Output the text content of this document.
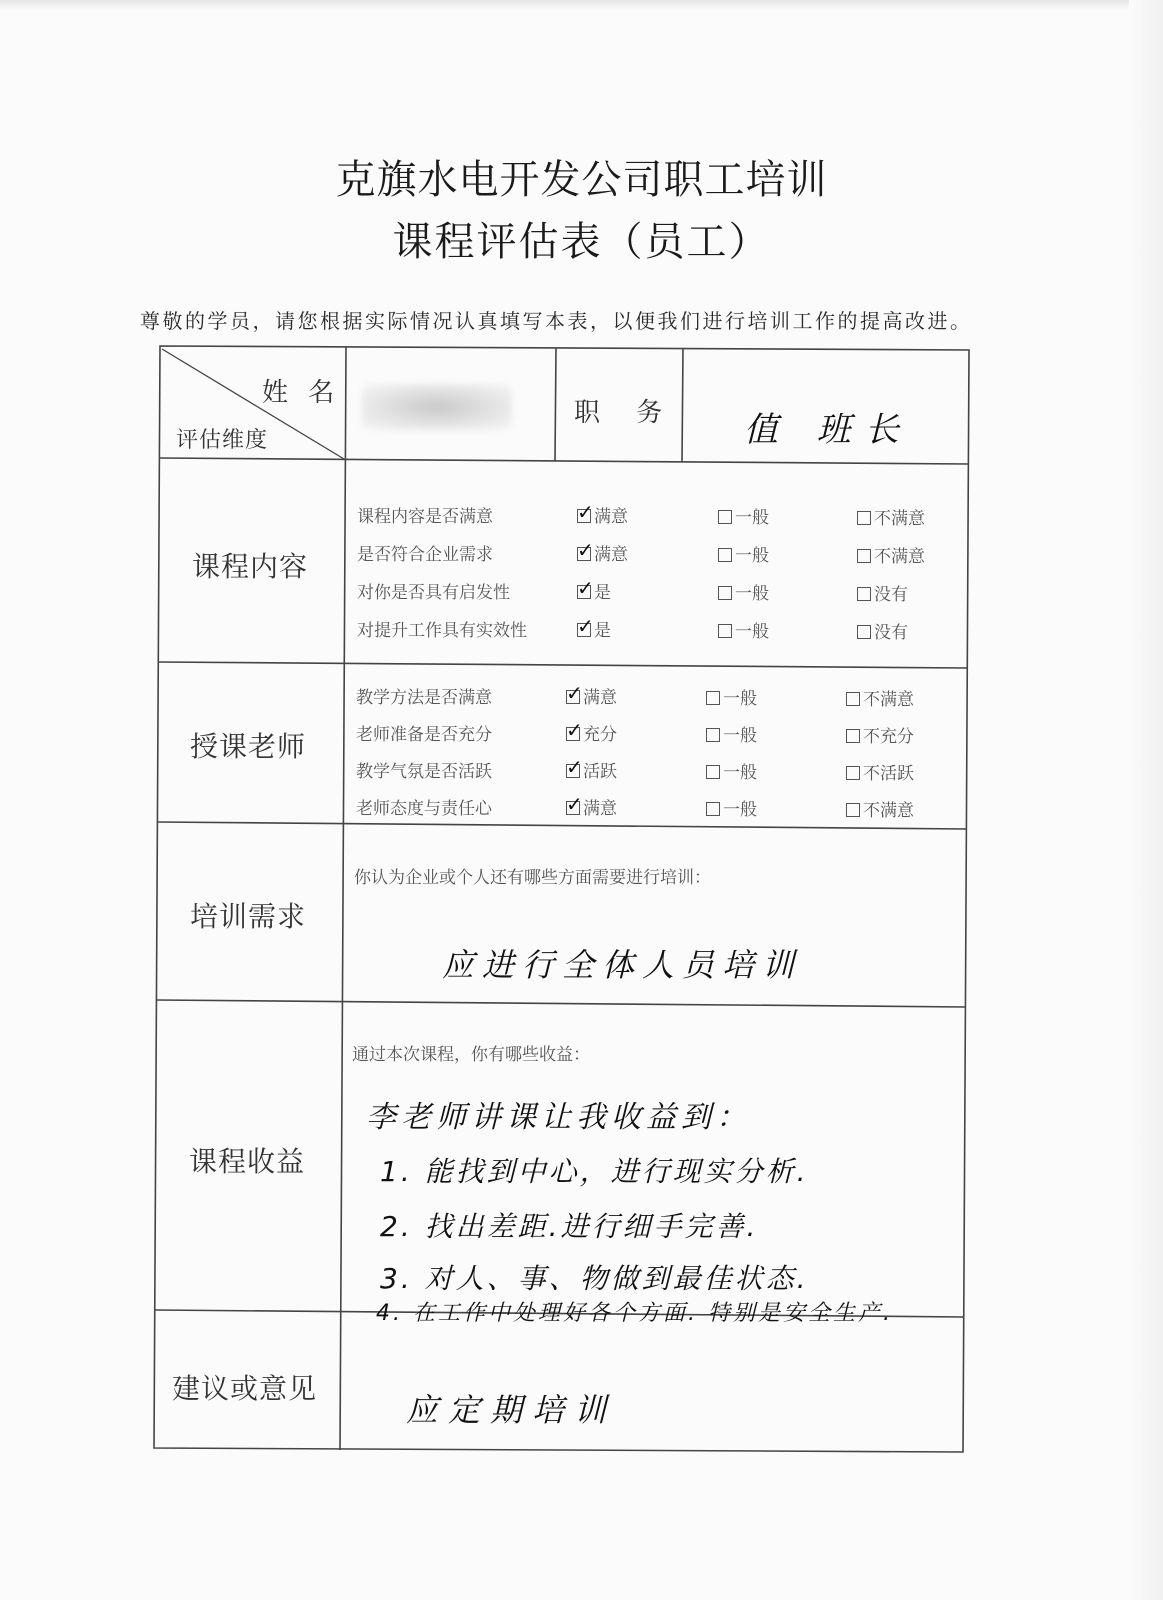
克旗水电开发公司职工培训
课程评估表（员工）
尊敬的学员，请您根据实际情况认真填写本表，以便我们进行培训工作的提高改进。
姓 名
评估维度
职 务 值 班长
课程内容
课程内容是否满意 ✓	满意	一般	不满意
是否符合企业需求 ✓	满意	一般	不满意
对你是否具有启发性 ✓	是	一般	没有
对提升工作具有实效性 ✓	是	一般	没有
授课老师
教学方法是否满意 ✓	满意	一般	不满意
老师准备是否充分 ✓	充分	一般	不充分
教学气氛是否活跃 ✓	活跃	一般	不活跃
老师态度与责任心 ✓	满意	一般	不满意
培训需求
你认为企业或个人还有哪些方面需要进行培训：
应进行全体人员培训
课程收益
通过本次课程，你有哪些收益：
李老师讲课让我收益到：
1. 能找到中心，进行现实分析.
2. 找出差距.进行细手完善.
3. 对人、事、物做到最佳状态.
4. 在工作中处理好各个方面. 特别是安全生产.
建议或意见
应定期培训
